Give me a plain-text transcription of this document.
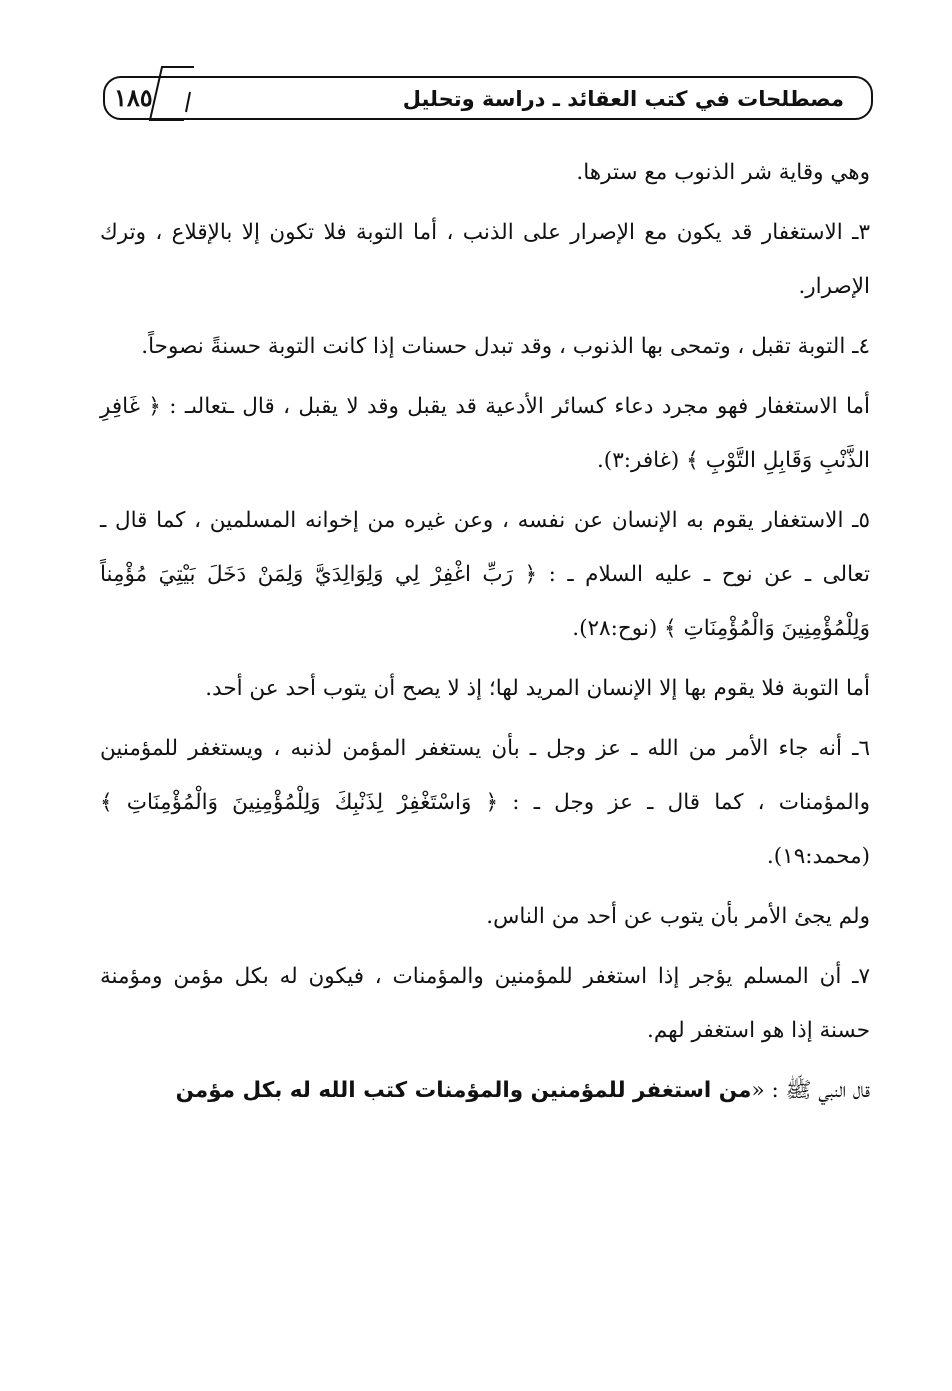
مصطلحات في كتب العقائد ـ دراسة وتحليل
١٨٥

وهي وقاية شر الذنوب مع سترها.

٣ـ الاستغفار قد يكون مع الإصرار على الذنب ، أما التوبة فلا تكون إلا بالإقلاع ، وترك الإصرار.

٤ـ التوبة تقبل ، وتمحى بها الذنوب ، وقد تبدل حسنات إذا كانت التوبة حسنةً نصوحاً.

أما الاستغفار فهو مجرد دعاء كسائر الأدعية قد يقبل وقد لا يقبل ، قال ـتعالىـ : ﴿ غَافِرِ الذَّنْبِ وَقَابِلِ التَّوْبِ ﴾ (غافر:٣).

٥ـ الاستغفار يقوم به الإنسان عن نفسه ، وعن غيره من إخوانه المسلمين ، كما قال ـ تعالى ـ عن نوح ـ عليه السلام ـ : ﴿ رَبِّ اغْفِرْ لِي وَلِوَالِدَيَّ وَلِمَنْ دَخَلَ بَيْتِيَ مُؤْمِناً وَلِلْمُؤْمِنِينَ وَالْمُؤْمِنَاتِ ﴾ (نوح:٢٨).

أما التوبة فلا يقوم بها إلا الإنسان المريد لها؛ إذ لا يصح أن يتوب أحد عن أحد.

٦ـ أنه جاء الأمر من الله ـ عز وجل ـ بأن يستغفر المؤمن لذنبه ، ويستغفر للمؤمنين والمؤمنات ، كما قال ـ عز وجل ـ : ﴿ وَاسْتَغْفِرْ لِذَنْبِكَ وَلِلْمُؤْمِنِينَ وَالْمُؤْمِنَاتِ ﴾ (محمد:١٩).

ولم يجئ الأمر بأن يتوب عن أحد من الناس.

٧ـ أن المسلم يؤجر إذا استغفر للمؤمنين والمؤمنات ، فيكون له بكل مؤمن ومؤمنة حسنة إذا هو استغفر لهم.

قال النبي ﷺ : «من استغفر للمؤمنين والمؤمنات كتب الله له بكل مؤمن
